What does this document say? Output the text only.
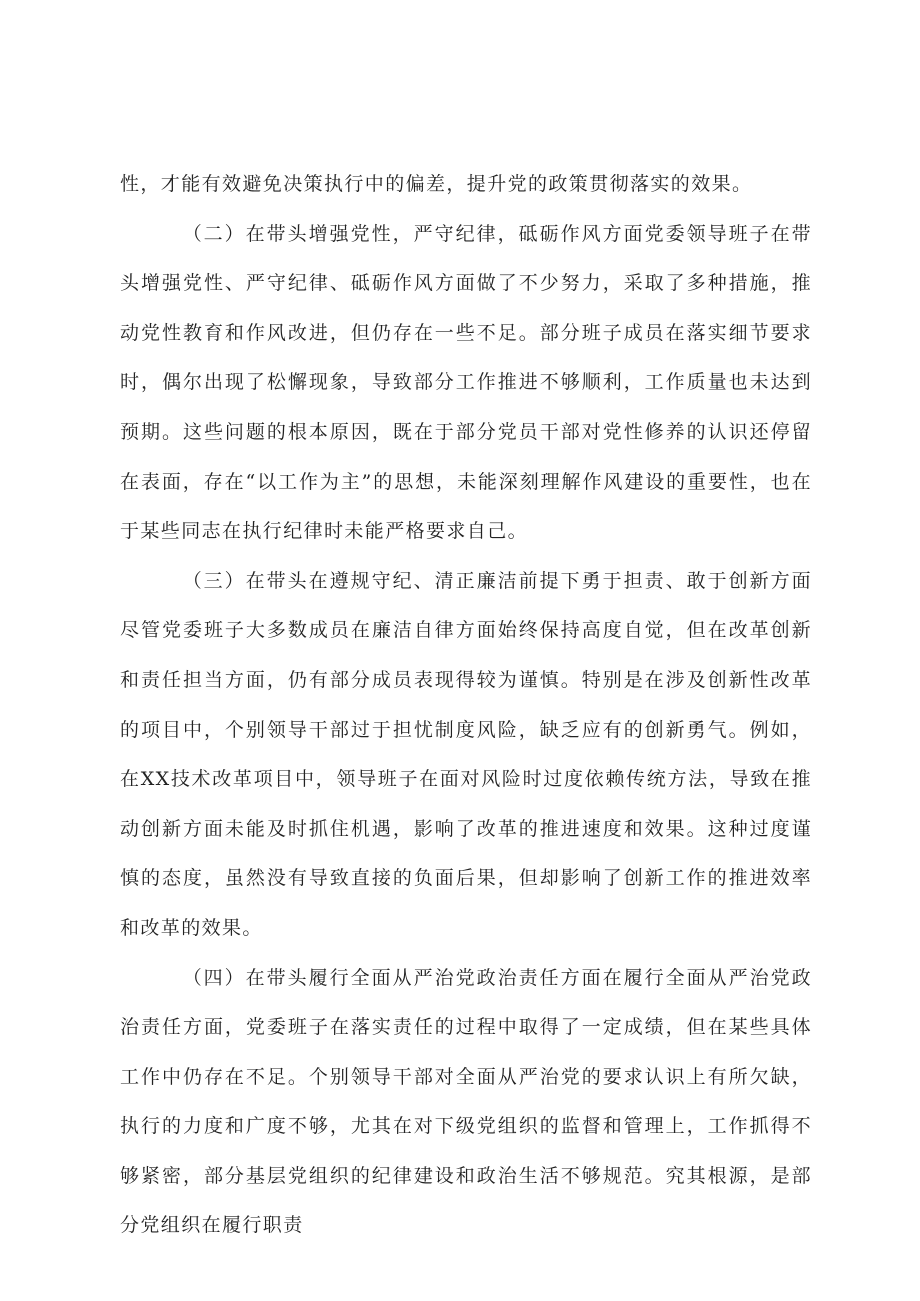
性，才能有效避免决策执行中的偏差，提升党的政策贯彻落实的效果。

（二）在带头增强党性，严守纪律，砥砺作风方面党委领导班子在带头增强党性、严守纪律、砥砺作风方面做了不少努力，采取了多种措施，推动党性教育和作风改进，但仍存在一些不足。部分班子成员在落实细节要求时，偶尔出现了松懈现象，导致部分工作推进不够顺利，工作质量也未达到预期。这些问题的根本原因，既在于部分党员干部对党性修养的认识还停留在表面，存在“以工作为主”的思想，未能深刻理解作风建设的重要性，也在于某些同志在执行纪律时未能严格要求自己。

（三）在带头在遵规守纪、清正廉洁前提下勇于担责、敢于创新方面尽管党委班子大多数成员在廉洁自律方面始终保持高度自觉，但在改革创新和责任担当方面，仍有部分成员表现得较为谨慎。特别是在涉及创新性改革的项目中，个别领导干部过于担忧制度风险，缺乏应有的创新勇气。例如，在XX技术改革项目中，领导班子在面对风险时过度依赖传统方法，导致在推动创新方面未能及时抓住机遇，影响了改革的推进速度和效果。这种过度谨慎的态度，虽然没有导致直接的负面后果，但却影响了创新工作的推进效率和改革的效果。

（四）在带头履行全面从严治党政治责任方面在履行全面从严治党政治责任方面，党委班子在落实责任的过程中取得了一定成绩，但在某些具体工作中仍存在不足。个别领导干部对全面从严治党的要求认识上有所欠缺，执行的力度和广度不够，尤其在对下级党组织的监督和管理上，工作抓得不够紧密，部分基层党组织的纪律建设和政治生活不够规范。究其根源，是部分党组织在履行职责
